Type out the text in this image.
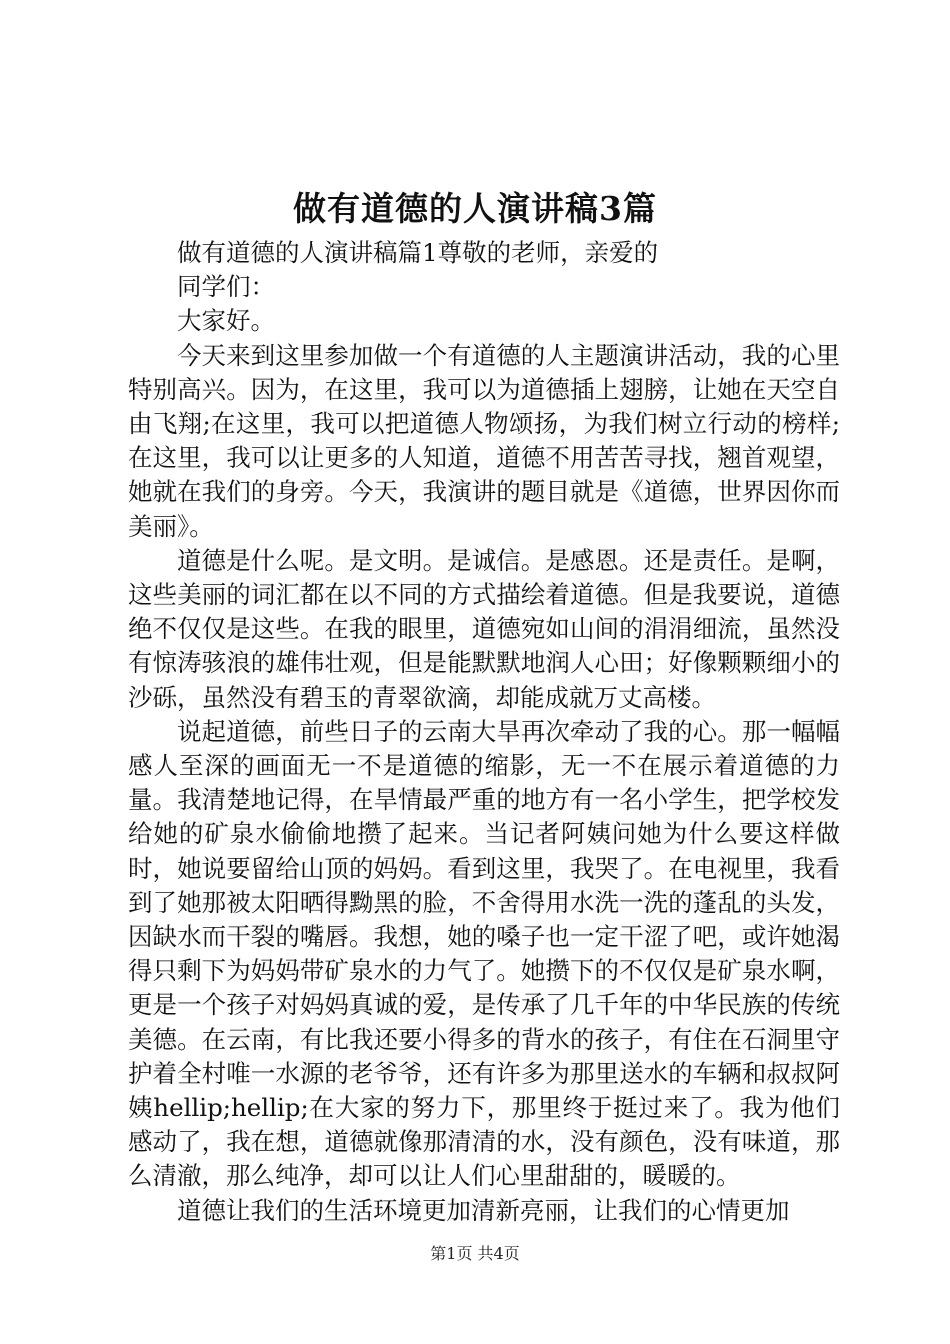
做有道德的人演讲稿3篇

做有道德的人演讲稿篇1尊敬的老师，亲爱的

同学们：

大家好。

今天来到这里参加做一个有道德的人主题演讲活动，我的心里特别高兴。因为，在这里，我可以为道德插上翅膀，让她在天空自由飞翔;在这里，我可以把道德人物颂扬，为我们树立行动的榜样;在这里，我可以让更多的人知道，道德不用苦苦寻找，翘首观望，她就在我们的身旁。今天，我演讲的题目就是《道德，世界因你而美丽》。

道德是什么呢。是文明。是诚信。是感恩。还是责任。是啊，这些美丽的词汇都在以不同的方式描绘着道德。但是我要说，道德绝不仅仅是这些。在我的眼里，道德宛如山间的涓涓细流，虽然没有惊涛骇浪的雄伟壮观，但是能默默地润人心田；好像颗颗细小的沙砾，虽然没有碧玉的青翠欲滴，却能成就万丈高楼。

说起道德，前些日子的云南大旱再次牵动了我的心。那一幅幅感人至深的画面无一不是道德的缩影，无一不在展示着道德的力量。我清楚地记得，在旱情最严重的地方有一名小学生，把学校发给她的矿泉水偷偷地攒了起来。当记者阿姨问她为什么要这样做时，她说要留给山顶的妈妈。看到这里，我哭了。在电视里，我看到了她那被太阳晒得黝黑的脸，不舍得用水洗一洗的蓬乱的头发，因缺水而干裂的嘴唇。我想，她的嗓子也一定干涩了吧，或许她渴得只剩下为妈妈带矿泉水的力气了。她攒下的不仅仅是矿泉水啊，更是一个孩子对妈妈真诚的爱，是传承了几千年的中华民族的传统美德。在云南，有比我还要小得多的背水的孩子，有住在石洞里守护着全村唯一水源的老爷爷，还有许多为那里送水的车辆和叔叔阿姨hellip;hellip;在大家的努力下，那里终于挺过来了。我为他们感动了，我在想，道德就像那清清的水，没有颜色，没有味道，那么清澈，那么纯净，却可以让人们心里甜甜的，暖暖的。

道德让我们的生活环境更加清新亮丽，让我们的心情更加

第1页 共4页
